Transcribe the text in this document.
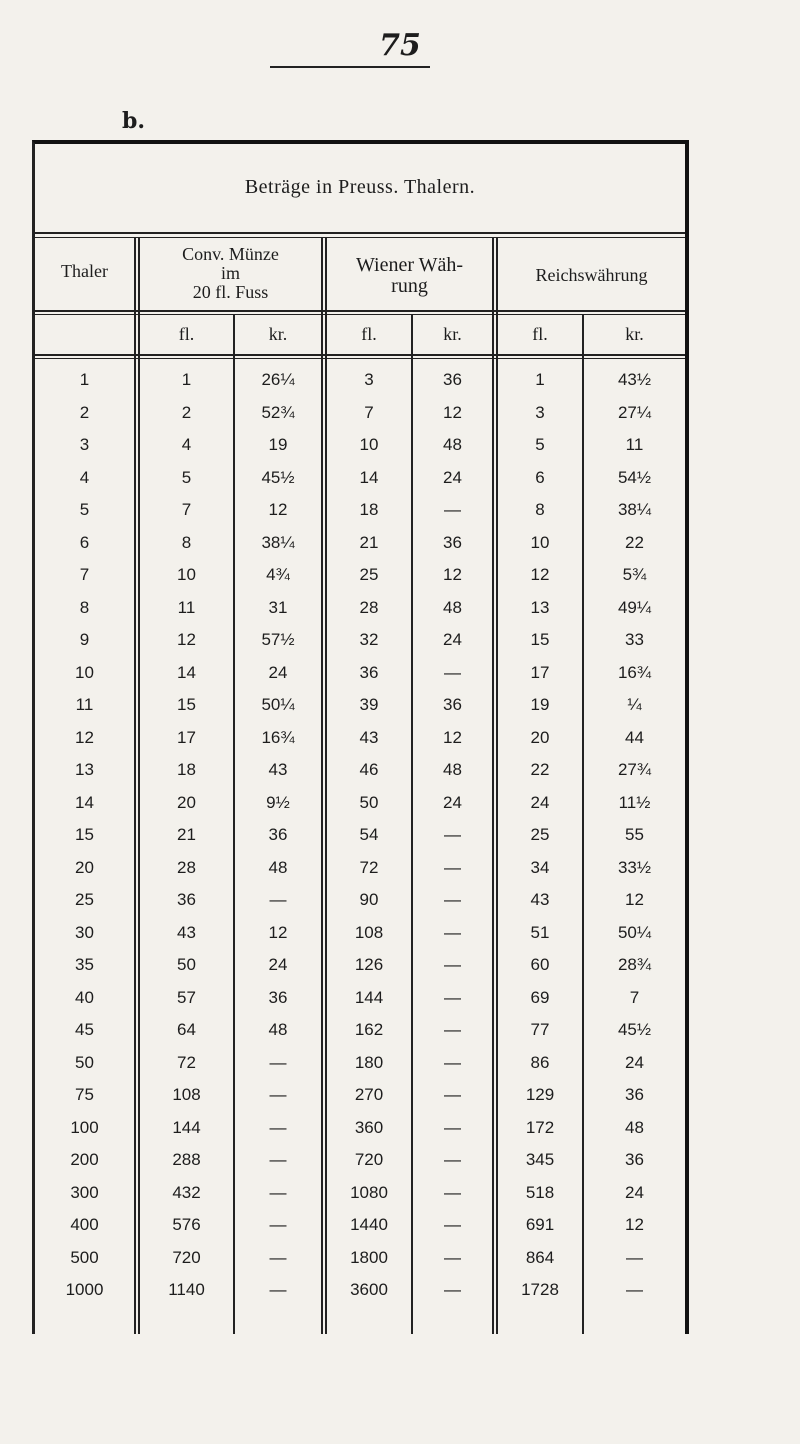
75
b.
Beträge in Preuss. Thalern.
Thaler
Conv. Münze
im
20 fl. Fuss
Wiener Wäh-
rung	Reichswährung
fl.	kr.	fl.	kr.	fl.	kr.
1	1	26¼	3	36	1	43½
2	2	52¾	7	12	3	27¼
3	4	19	10	48	5	11
4	5	45½	14	24	6	54½
5	7	12	18	—	8	38¼
6	8	38¼	21	36	10	22
7	10	4¾	25	12	12	5¾
8	11	31	28	48	13	49¼
9	12	57½	32	24	15	33
10	14	24	36	—	17	16¾
11	15	50¼	39	36	19	¼
12	17	16¾	43	12	20	44
13	18	43	46	48	22	27¾
14	20	9½	50	24	24	11½
15	21	36	54	—	25	55
20	28	48	72	—	34	33½
25	36	—	90	—	43	12
30	43	12	108	—	51	50¼
35	50	24	126	—	60	28¾
40	57	36	144	—	69	7
45	64	48	162	—	77	45½
50	72	—	180	—	86	24
75	108	—	270	—	129	36
100	144	—	360	—	172	48
200	288	—	720	—	345	36
300	432	—	1080	—	518	24
400	576	—	1440	—	691	12
500	720	—	1800	—	864	—
1000	1140	—	3600	—	1728	—
